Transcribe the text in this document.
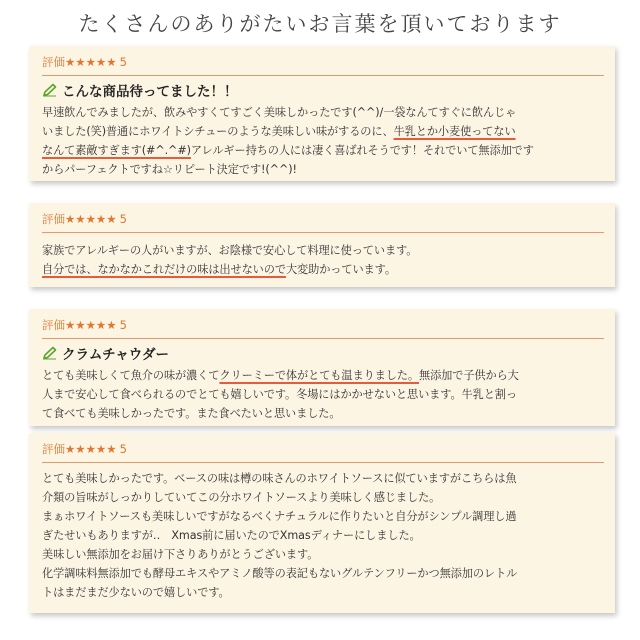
たくさんのありがたいお言葉を頂いております
評価★★★★★ 5
こんな商品待ってました！！
早速飲んでみましたが、飲みやすくてすごく美味しかったです(^^)/一袋なんてすぐに飲んじゃ
いました(笑)普通にホワイトシチューのような美味しい味がするのに、牛乳とか小麦使ってない
なんて素敵すぎます(#^.^#)アレルギー持ちの人には凄く喜ばれそうです！それでいて無添加です
からパーフェクトですね☆リピート決定です!(^^)!
評価★★★★★ 5
家族でアレルギーの人がいますが、お陰様で安心して料理に使っています。
自分では、なかなかこれだけの味は出せないので大変助かっています。
評価★★★★★ 5
クラムチャウダー
とても美味しくて魚介の味が濃くてクリーミーで体がとても温まりました。無添加で子供から大
人まで安心して食べられるのでとても嬉しいです。冬場にはかかせないと思います。牛乳と割っ
て食べても美味しかったです。また食べたいと思いました。
評価★★★★★ 5
とても美味しかったです。ベースの味は樽の味さんのホワイトソースに似ていますがこちらは魚
介類の旨味がしっかりしていてこの分ホワイトソースより美味しく感じました。
まぁホワイトソースも美味しいですがなるべくナチュラルに作りたいと自分がシンプル調理し過
ぎたせいもありますが‥　Xmas前に届いたのでXmasディナーにしました。
美味しい無添加をお届け下さりありがとうございます。
化学調味料無添加でも酵母エキスやアミノ酸等の表記もないグルテンフリーかつ無添加のレトル
トはまだまだ少ないので嬉しいです。
